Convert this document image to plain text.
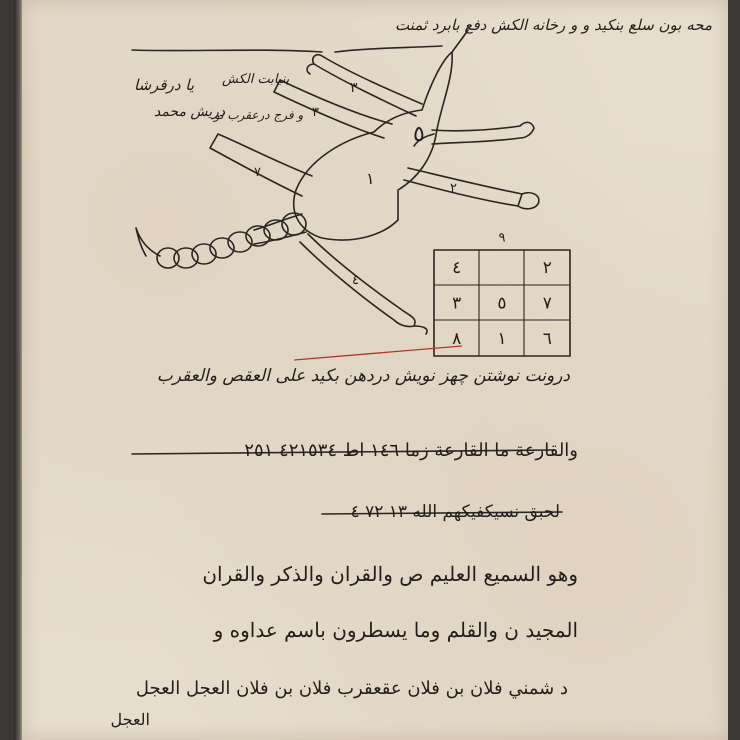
٥
١
٣
٣
٧
٢
٤
٩
٤	٢
٣ ٥ ٧
٨ ١ ٦
محه بون سلع بنكيد و و رخانه الكش دفع بابرد ثمنت
يا درقرشا
دريش محمد
بنيابت الكش
و فرج درعقرب نو
درونت نوشتن چهز نويش دردهن بكيد على العقص والعقرب
والقارعة ما القارعة زما ١٤٦ اط ٤٢١٥٣٤ ٢٥١
لحبق نسيكفيكهم الله ١٣ ٧٢ ٤
وهو السميع العليم ص والقران والذكر والقران
المجيد ن والقلم وما يسطرون باسم عداوه و
د شمني فلان بن فلان عقعقرب فلان بن فلان العجل العجل
العجل
